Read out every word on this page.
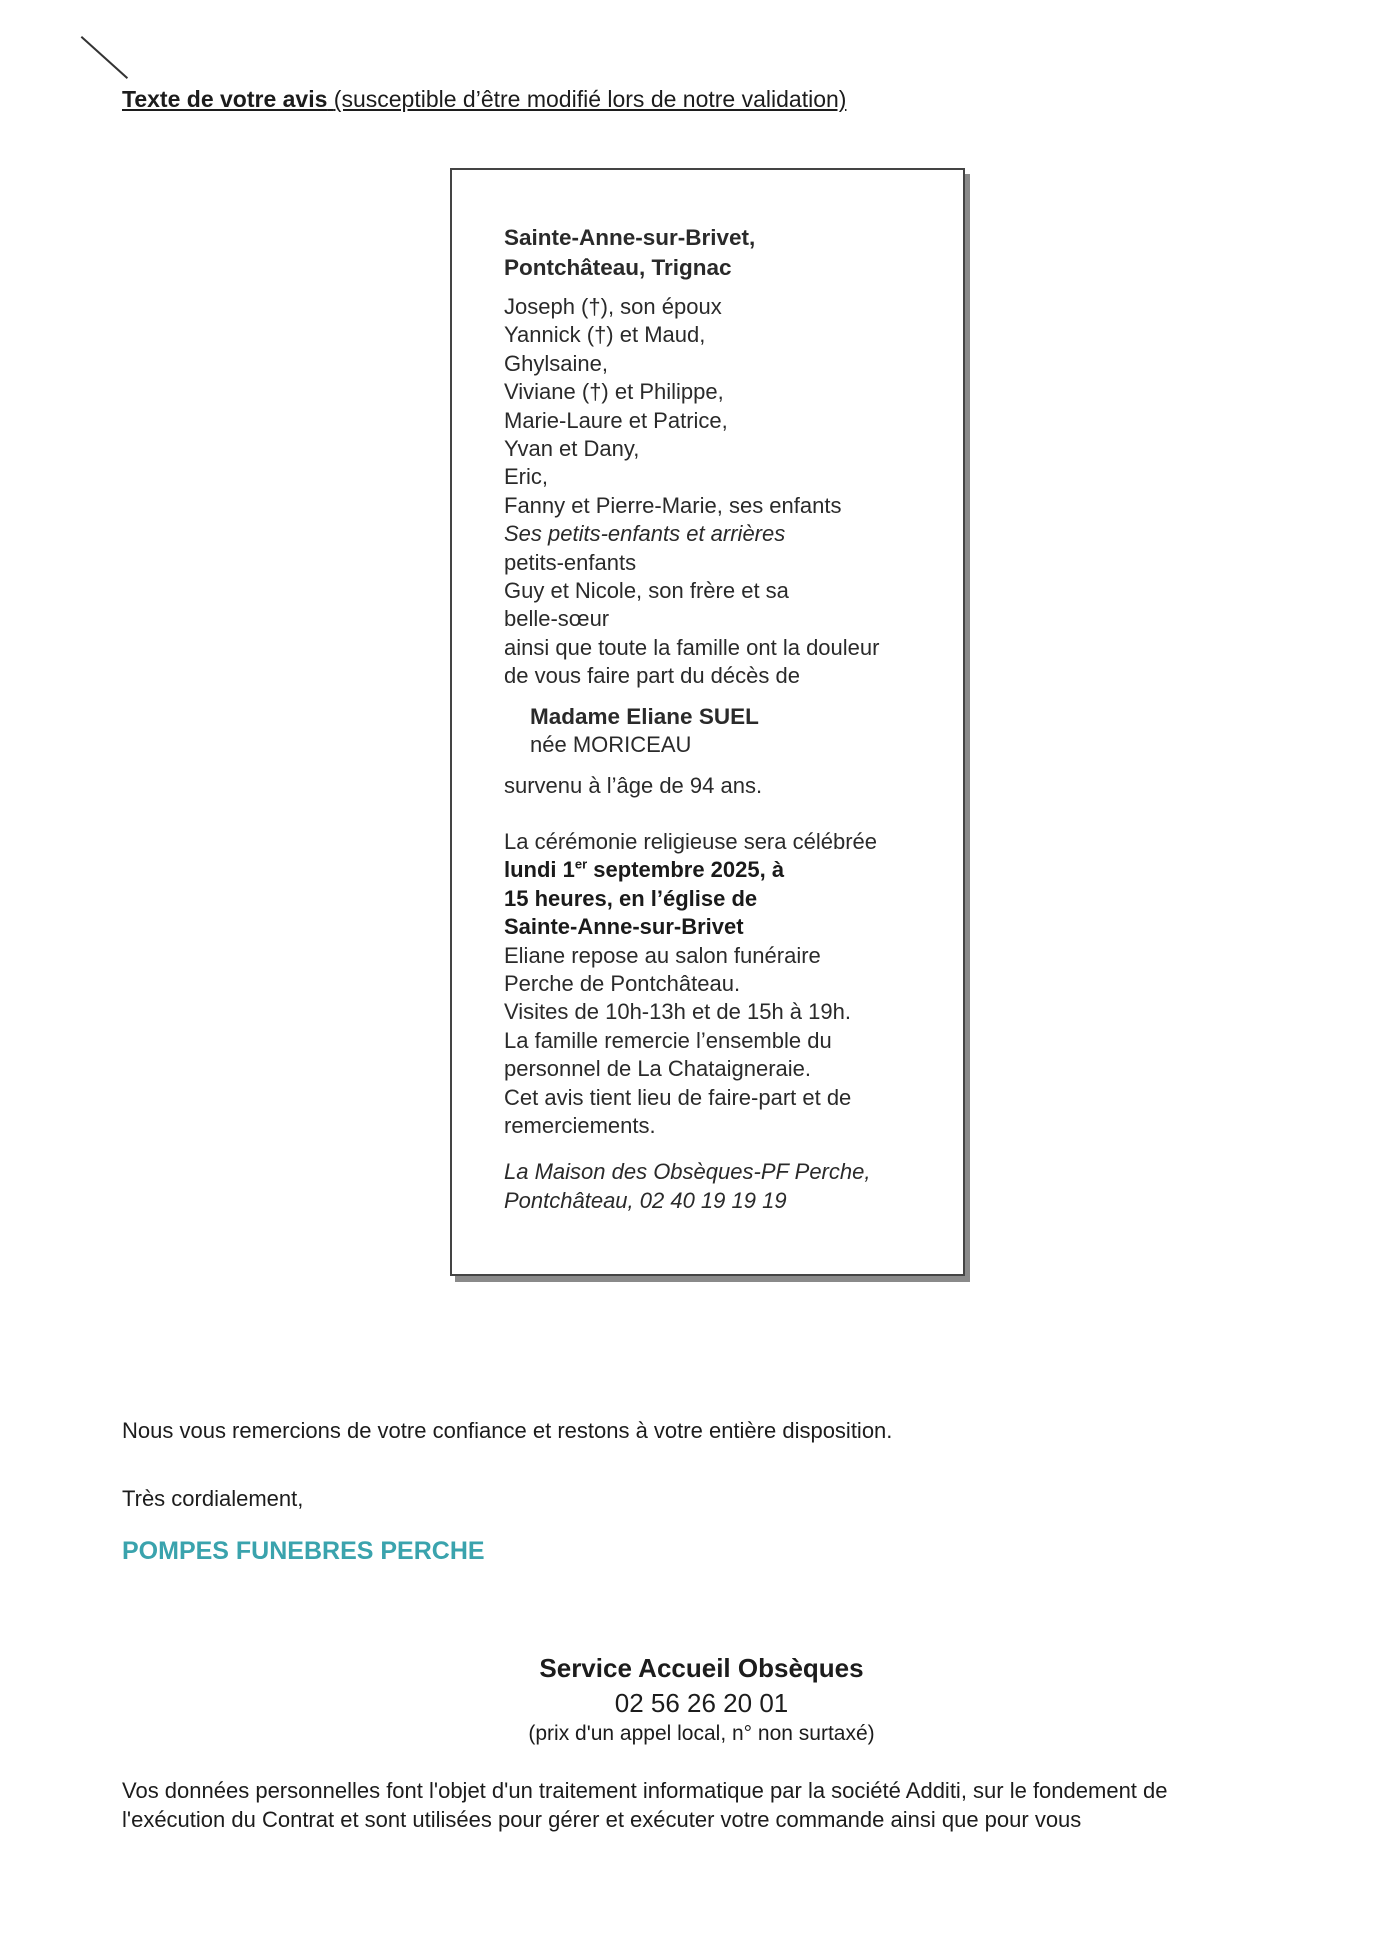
Texte de votre avis (susceptible d’être modifié lors de notre validation)
Sainte-Anne-sur-Brivet,
Pontchâteau, Trignac
Joseph (†), son époux
Yannick (†) et Maud,
Ghylsaine,
Viviane (†) et Philippe,
Marie-Laure et Patrice,
Yvan et Dany,
Eric,
Fanny et Pierre-Marie, ses enfants
Ses petits-enfants et arrières
petits-enfants
Guy et Nicole, son frère et sa
belle-sœur
ainsi que toute la famille ont la douleur
de vous faire part du décès de
Madame Eliane SUEL
née MORICEAU
survenu à l’âge de 94 ans.
La cérémonie religieuse sera célébrée
lundi 1er septembre 2025, à
15 heures, en l’église de
Sainte-Anne-sur-Brivet
Eliane repose au salon funéraire
Perche de Pontchâteau.
Visites de 10h-13h et de 15h à 19h.
La famille remercie l’ensemble du
personnel de La Chataigneraie.
Cet avis tient lieu de faire-part et de
remerciements.
La Maison des Obsèques-PF Perche,
Pontchâteau, 02 40 19 19 19
Nous vous remercions de votre confiance et restons à votre entière disposition.
Très cordialement,
POMPES FUNEBRES PERCHE
Service Accueil Obsèques
02 56 26 20 01
(prix d'un appel local, n° non surtaxé)
Vos données personnelles font l'objet d'un traitement informatique par la société Additi, sur le fondement de
l'exécution du Contrat et sont utilisées pour gérer et exécuter votre commande ainsi que pour vous
